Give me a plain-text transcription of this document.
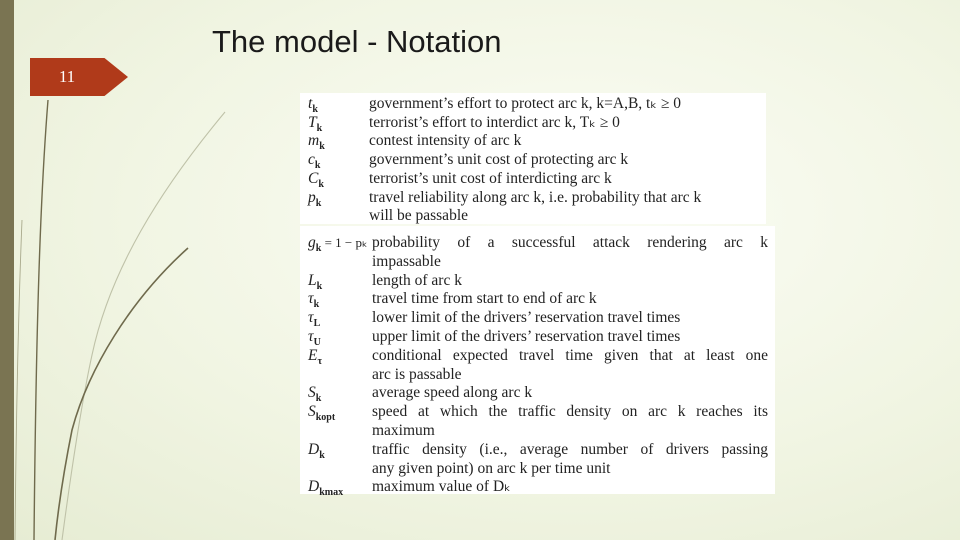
11
The model - Notation
$t_k$	government’s effort to protect arc k, k=A,B, tₖ ≥ 0
$T_k$	terrorist’s effort to interdict arc k, Tₖ ≥ 0
$m_k$	contest intensity of arc k
$c_k$	government’s unit cost of protecting arc k
$C_k$	terrorist’s unit cost of interdicting arc k
$p_k$	travel reliability along arc k, i.e. probability that arc k
will be passable
$g_k = 1 - p_k$ probability of a successful attack rendering arc k
impassable
$L_k$	length of arc k
$\tau_k$	travel time from start to end of arc k
$\tau_L$	lower limit of the drivers’ reservation travel times
$\tau_U$	upper limit of the drivers’ reservation travel times
$E_\tau$	conditional expected travel time given that at least one
arc is passable
$S_k$	average speed along arc k
$S_{kopt}$	speed at which the traffic density on arc k reaches its
maximum
$D_k$	traffic density (i.e., average number of drivers passing
any given point) on arc k per time unit
$D_{kmax}$	maximum value of Dₖ
